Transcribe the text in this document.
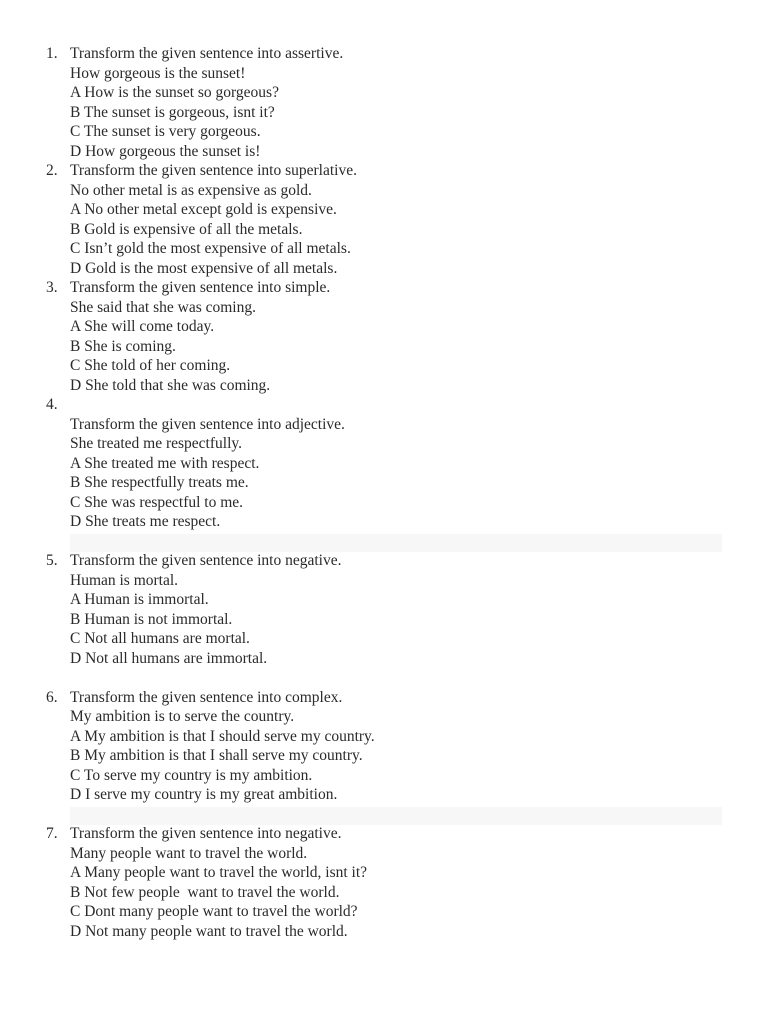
1. Transform the given sentence into assertive.
How gorgeous is the sunset!
A How is the sunset so gorgeous?
B The sunset is gorgeous, isnt it?
C The sunset is very gorgeous.
D How gorgeous the sunset is!
2. Transform the given sentence into superlative.
No other metal is as expensive as gold.
A No other metal except gold is expensive.
B Gold is expensive of all the metals.
C Isn’t gold the most expensive of all metals.
D Gold is the most expensive of all metals.
3. Transform the given sentence into simple.
She said that she was coming.
A She will come today.
B She is coming.
C She told of her coming.
D She told that she was coming.
4.
Transform the given sentence into adjective.
She treated me respectfully.
A She treated me with respect.
B She respectfully treats me.
C She was respectful to me.
D She treats me respect.
5. Transform the given sentence into negative.
Human is mortal.
A Human is immortal.
B Human is not immortal.
C Not all humans are mortal.
D Not all humans are immortal.
6. Transform the given sentence into complex.
My ambition is to serve the country.
A My ambition is that I should serve my country.
B My ambition is that I shall serve my country.
C To serve my country is my ambition.
D I serve my country is my great ambition.
7. Transform the given sentence into negative.
Many people want to travel the world.
A Many people want to travel the world, isnt it?
B Not few people  want to travel the world.
C Dont many people want to travel the world?
D Not many people want to travel the world.
